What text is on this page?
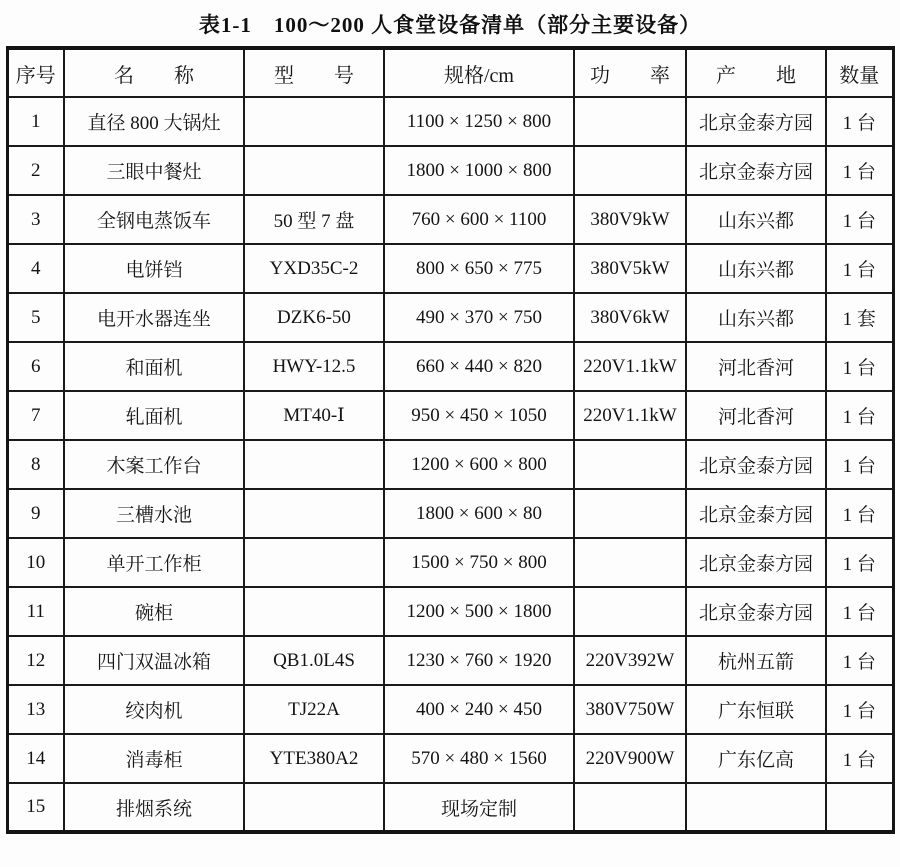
表1-1　100～200 人食堂设备清单（部分主要设备）
序号	名　　称	型　　号	规格/cm	功　　率	产　　地	数量
1	直径 800 大锅灶		1100 × 1250 × 800		北京金泰方园	1 台
2	三眼中餐灶		1800 × 1000 × 800		北京金泰方园	1 台
3	全钢电蒸饭车	50 型 7 盘	760 × 600 × 1100	380V9kW	山东兴都	1 台
4	电饼铛	YXD35C-2	800 × 650 × 775	380V5kW	山东兴都	1 台
5	电开水器连坐	DZK6-50	490 × 370 × 750	380V6kW	山东兴都	1 套
6	和面机	HWY-12.5	660 × 440 × 820	220V1.1kW	河北香河	1 台
7	轧面机	MT40-Ⅰ	950 × 450 × 1050	220V1.1kW	河北香河	1 台
8	木案工作台		1200 × 600 × 800		北京金泰方园	1 台
9	三槽水池		1800 × 600 × 80		北京金泰方园	1 台
10	单开工作柜		1500 × 750 × 800		北京金泰方园	1 台
11	碗柜		1200 × 500 × 1800		北京金泰方园	1 台
12	四门双温冰箱	QB1.0L4S	1230 × 760 × 1920	220V392W	杭州五箭	1 台
13	绞肉机	TJ22A	400 × 240 × 450	380V750W	广东恒联	1 台
14	消毒柜	YTE380A2	570 × 480 × 1560	220V900W	广东亿高	1 台
15	排烟系统		现场定制			
